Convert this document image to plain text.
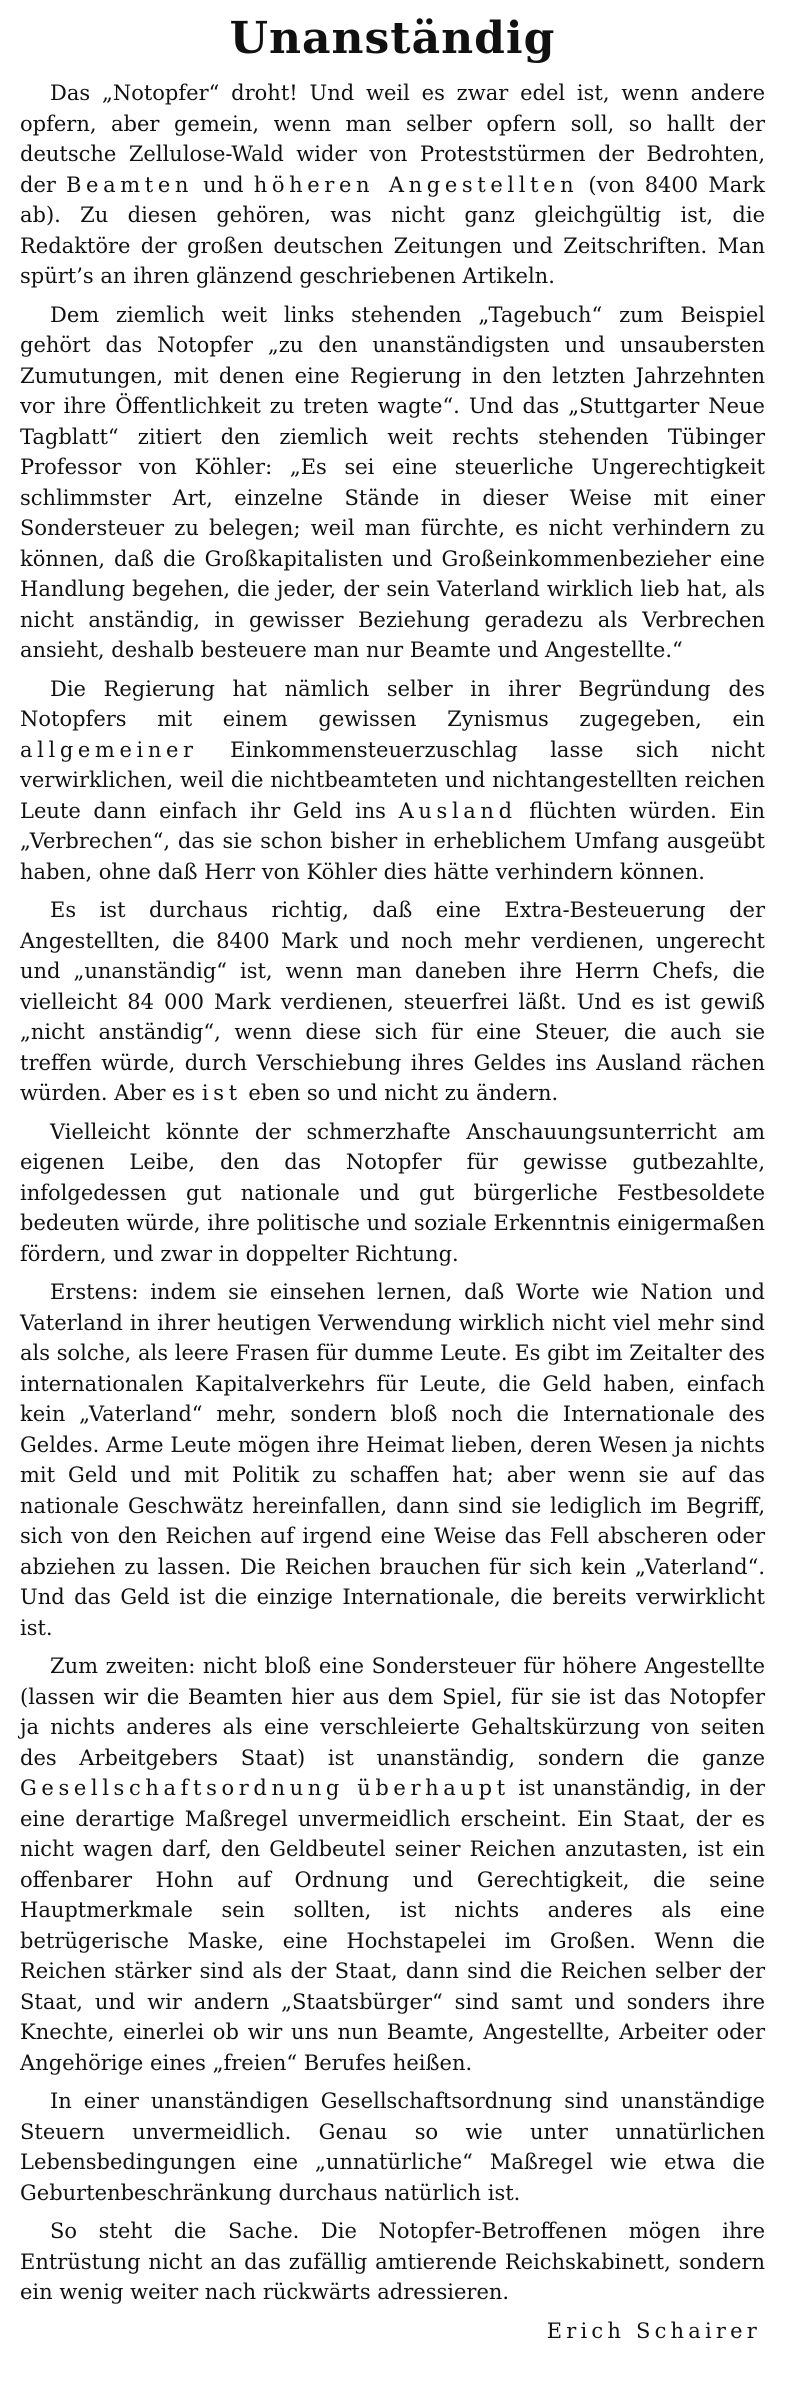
Unanständig

Das „Notopfer“ droht! Und weil es zwar edel ist, wenn andere opfern, aber gemein, wenn man selber opfern soll, so hallt der deutsche Zellulose-Wald wider von Proteststürmen der Bedrohten, der Beamten und höheren Angestellten (von 8400 Mark ab). Zu diesen gehören, was nicht ganz gleichgültig ist, die Redaktöre der großen deutschen Zeitungen und Zeitschriften. Man spürt’s an ihren glänzend geschriebenen Artikeln.

Dem ziemlich weit links stehenden „Tagebuch“ zum Beispiel gehört das Notopfer „zu den unanständigsten und unsaubersten Zumutungen, mit denen eine Regierung in den letzten Jahrzehnten vor ihre Öffentlichkeit zu treten wagte“. Und das „Stuttgarter Neue Tagblatt“ zitiert den ziemlich weit rechts stehenden Tübinger Professor von Köhler: „Es sei eine steuerliche Ungerechtigkeit schlimmster Art, einzelne Stände in dieser Weise mit einer Sondersteuer zu belegen; weil man fürchte, es nicht verhindern zu können, daß die Großkapitalisten und Großeinkommenbezieher eine Handlung begehen, die jeder, der sein Vaterland wirklich lieb hat, als nicht anständig, in gewisser Beziehung geradezu als Verbrechen ansieht, deshalb besteuere man nur Beamte und Angestellte.“

Die Regierung hat nämlich selber in ihrer Begründung des Notopfers mit einem gewissen Zynismus zugegeben, ein allgemeiner Einkommensteuerzuschlag lasse sich nicht verwirklichen, weil die nichtbeamteten und nichtangestellten reichen Leute dann einfach ihr Geld ins Ausland flüchten würden. Ein „Verbrechen“, das sie schon bisher in erheblichem Umfang ausgeübt haben, ohne daß Herr von Köhler dies hätte verhindern können.

Es ist durchaus richtig, daß eine Extra-Besteuerung der Angestellten, die 8400 Mark und noch mehr verdienen, ungerecht und „unanständig“ ist, wenn man daneben ihre Herrn Chefs, die vielleicht 84 000 Mark verdienen, steuerfrei läßt. Und es ist gewiß „nicht anständig“, wenn diese sich für eine Steuer, die auch sie treffen würde, durch Verschiebung ihres Geldes ins Ausland rächen würden. Aber es ist eben so und nicht zu ändern.

Vielleicht könnte der schmerzhafte Anschauungsunterricht am eigenen Leibe, den das Notopfer für gewisse gutbezahlte, infolgedessen gut nationale und gut bürgerliche Festbesoldete bedeuten würde, ihre politische und soziale Erkenntnis einigermaßen fördern, und zwar in doppelter Richtung.

Erstens: indem sie einsehen lernen, daß Worte wie Nation und Vaterland in ihrer heutigen Verwendung wirklich nicht viel mehr sind als solche, als leere Frasen für dumme Leute. Es gibt im Zeitalter des internationalen Kapitalverkehrs für Leute, die Geld haben, einfach kein „Vaterland“ mehr, sondern bloß noch die Internationale des Geldes. Arme Leute mögen ihre Heimat lieben, deren Wesen ja nichts mit Geld und mit Politik zu schaffen hat; aber wenn sie auf das nationale Geschwätz hereinfallen, dann sind sie lediglich im Begriff, sich von den Reichen auf irgend eine Weise das Fell abscheren oder abziehen zu lassen. Die Reichen brauchen für sich kein „Vaterland“. Und das Geld ist die einzige Internationale, die bereits verwirklicht ist.

Zum zweiten: nicht bloß eine Sondersteuer für höhere Angestellte (lassen wir die Beamten hier aus dem Spiel, für sie ist das Notopfer ja nichts anderes als eine verschleierte Gehaltskürzung von seiten des Arbeitgebers Staat) ist unanständig, sondern die ganze Gesellschaftsordnung überhaupt ist unanständig, in der eine derartige Maßregel unvermeidlich erscheint. Ein Staat, der es nicht wagen darf, den Geldbeutel seiner Reichen anzutasten, ist ein offenbarer Hohn auf Ordnung und Gerechtigkeit, die seine Hauptmerkmale sein sollten, ist nichts anderes als eine betrügerische Maske, eine Hochstapelei im Großen. Wenn die Reichen stärker sind als der Staat, dann sind die Reichen selber der Staat, und wir andern „Staatsbürger“ sind samt und sonders ihre Knechte, einerlei ob wir uns nun Beamte, Angestellte, Arbeiter oder Angehörige eines „freien“ Berufes heißen.

In einer unanständigen Gesellschaftsordnung sind unanständige Steuern unvermeidlich. Genau so wie unter unnatürlichen Lebensbedingungen eine „unnatürliche“ Maßregel wie etwa die Geburtenbeschränkung durchaus natürlich ist.

So steht die Sache. Die Notopfer-Betroffenen mögen ihre Entrüstung nicht an das zufällig amtierende Reichskabinett, sondern ein wenig weiter nach rückwärts adressieren.

Erich Schairer
